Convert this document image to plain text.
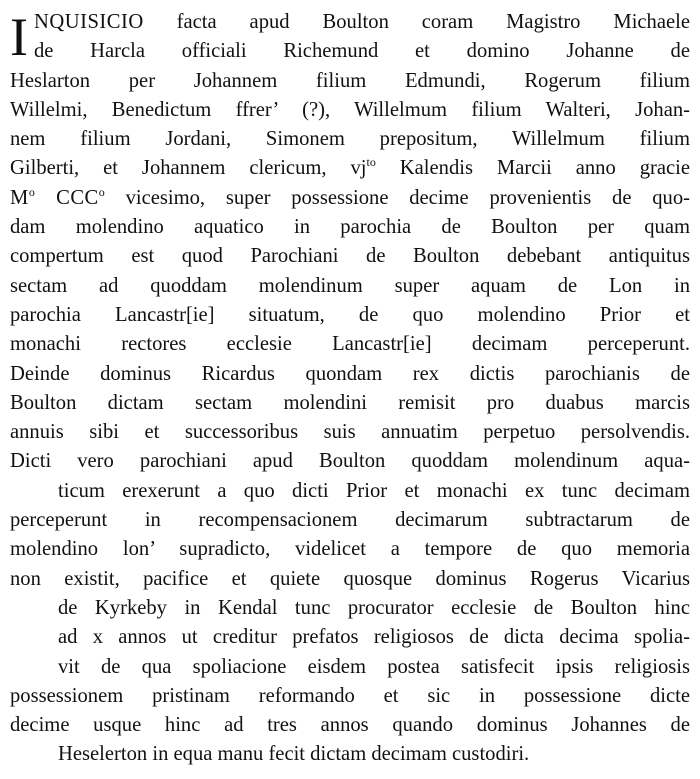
I NQUISICIO facta apud Boulton coram Magistro Michaele
de Harcla officiali Richemund et domino Johanne de
Heslarton per Johannem filium Edmundi, Rogerum filium
Willelmi, Benedictum ffrer’ (?), Willelmum filium Walteri, Johan-
nem filium Jordani, Simonem prepositum, Willelmum filium
Gilberti, et Johannem clericum, $vj^{to}$ Kalendis Marcii anno gracie
$M^o$ CCC$^o$ vicesimo, super possessione decime provenientis de quo-
dam molendino aquatico in parochia de Boulton per quam
compertum est quod Parochiani de Boulton debebant antiquitus
sectam ad quoddam molendinum super aquam de Lon in
parochia Lancastr[ie] situatum, de quo molendino Prior et
monachi rectores ecclesie Lancastr[ie] decimam perceperunt.
Deinde dominus Ricardus quondam rex dictis parochianis de
Boulton dictam sectam molendini remisit pro duabus marcis
annuis sibi et successoribus suis annuatim perpetuo persolvendis.
Dicti vero parochiani apud Boulton quoddam molendinum aqua-
ticum erexerunt a quo dicti Prior et monachi ex tunc decimam
perceperunt in recompensacionem decimarum subtractarum de
molendino lon’ supradicto, videlicet a tempore de quo memoria
non existit, pacifice et quiete quosque dominus Rogerus Vicarius
de Kyrkeby in Kendal tunc procurator ecclesie de Boulton hinc
ad x annos ut creditur prefatos religiosos de dicta decima spolia-
vit de qua spoliacione eisdem postea satisfecit ipsis religiosis
possessionem pristinam reformando et sic in possessione dicte
decime usque hinc ad tres annos quando dominus Johannes de
Heselerton in equa manu fecit dictam decimam custodiri.
